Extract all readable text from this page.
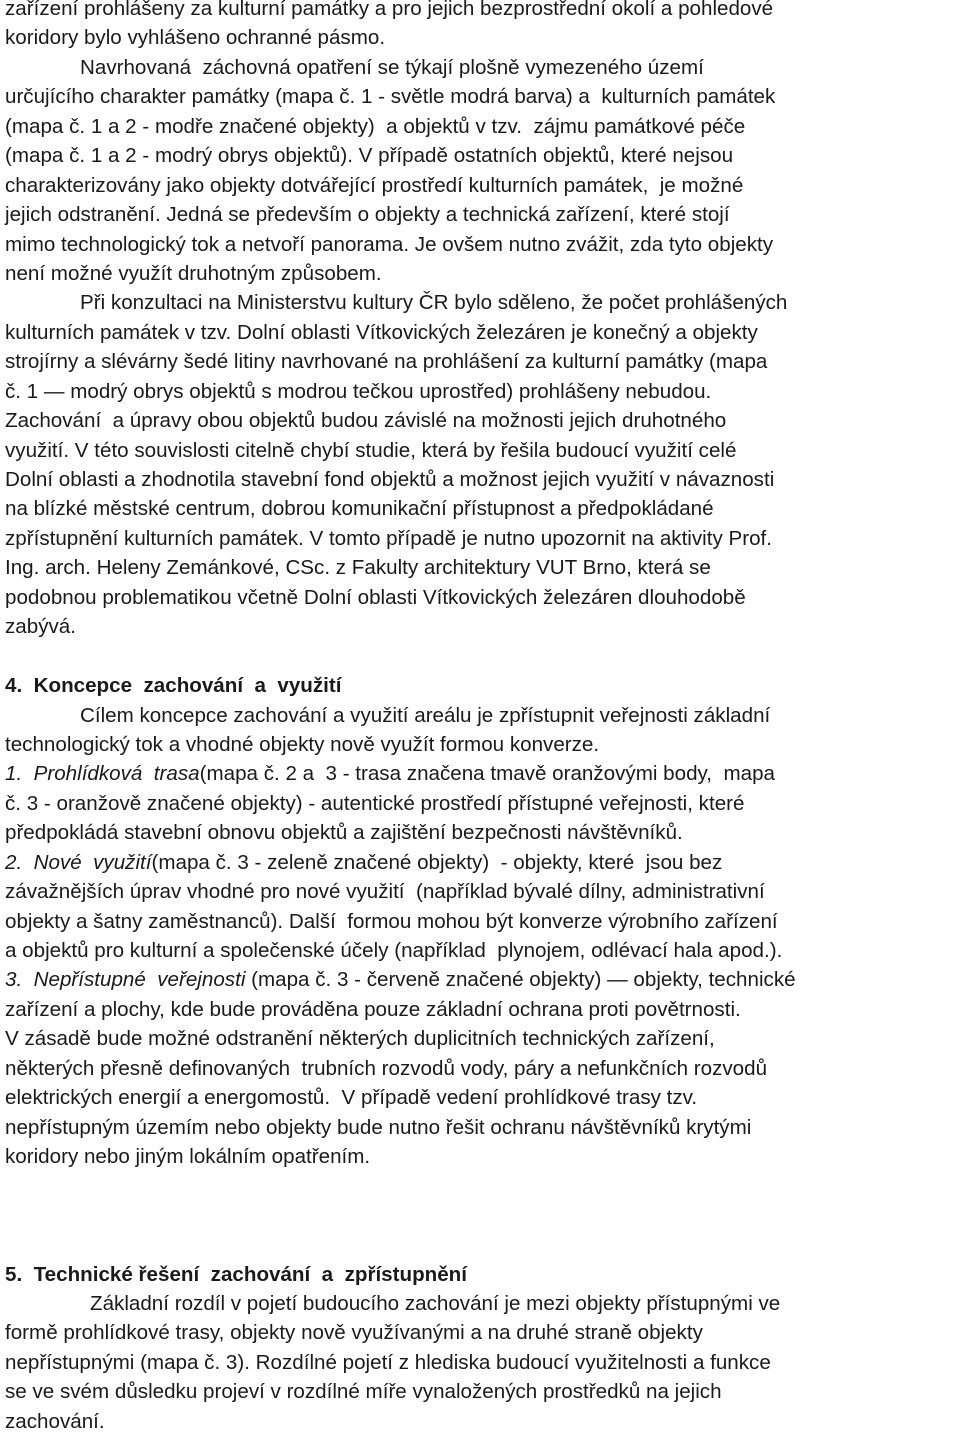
zařízení prohlášeny za kulturní památky a pro jejich bezprostřední okolí a pohledové
koridory bylo vyhlášeno ochranné pásmo.
Navrhovaná  záchovná opatření se týkají plošně vymezeného území
určujícího charakter památky (mapa č. 1 - světle modrá barva) a  kulturních památek
(mapa č. 1 a 2 - modře značené objekty)  a objektů v tzv.  zájmu památkové péče
(mapa č. 1 a 2 - modrý obrys objektů). V případě ostatních objektů, které nejsou
charakterizovány jako objekty dotvářející prostředí kulturních památek,  je možné
jejich odstranění. Jedná se především o objekty a technická zařízení, které stojí
mimo technologický tok a netvoří panorama. Je ovšem nutno zvážit, zda tyto objekty
není možné využít druhotným způsobem.
Při konzultaci na Ministerstvu kultury ČR bylo sděleno, že počet prohlášených
kulturních památek v tzv. Dolní oblasti Vítkovických železáren je konečný a objekty
strojírny a slévárny šedé litiny navrhované na prohlášení za kulturní památky (mapa
č. 1 — modrý obrys objektů s modrou tečkou uprostřed) prohlášeny nebudou.
Zachování  a úpravy obou objektů budou závislé na možnosti jejich druhotného
využití. V této souvislosti citelně chybí studie, která by řešila budoucí využití celé
Dolní oblasti a zhodnotila stavební fond objektů a možnost jejich využití v návaznosti
na blízké městské centrum, dobrou komunikační přístupnost a předpokládané
zpřístupnění kulturních památek. V tomto případě je nutno upozornit na aktivity Prof.
Ing. arch. Heleny Zemánkové, CSc. z Fakulty architektury VUT Brno, která se
podobnou problematikou včetně Dolní oblasti Vítkovických železáren dlouhodobě
zabývá.
4.  Koncepce  zachování  a  využití
Cílem koncepce zachování a využití areálu je zpřístupnit veřejnosti základní
technologický tok a vhodné objekty nově využít formou konverze.
1.  Prohlídková  trasa(mapa č. 2 a  3 - trasa značena tmavě oranžovými body,  mapa
č. 3 - oranžově značené objekty) - autentické prostředí přístupné veřejnosti, které
předpokládá stavební obnovu objektů a zajištění bezpečnosti návštěvníků.
2.  Nové  využití(mapa č. 3 - zeleně značené objekty)  - objekty, které  jsou bez
závažnějších úprav vhodné pro nové využití  (například bývalé dílny, administrativní
objekty a šatny zaměstnanců). Další  formou mohou být konverze výrobního zařízení
a objektů pro kulturní a společenské účely (například  plynojem, odlévací hala apod.).
3.  Nepřístupné  veřejnosti (mapa č. 3 - červeně značené objekty) — objekty, technické
zařízení a plochy, kde bude prováděna pouze základní ochrana proti povětrnosti.
V zásadě bude možné odstranění některých duplicitních technických zařízení,
některých přesně definovaných  trubních rozvodů vody, páry a nefunkčních rozvodů
elektrických energií a energomostů.  V případě vedení prohlídkové trasy tzv.
nepřístupným územím nebo objekty bude nutno řešit ochranu návštěvníků krytými
koridory nebo jiným lokálním opatřením.
5.  Technické řešení  zachování  a  zpřístupnění
Základní rozdíl v pojetí budoucího zachování je mezi objekty přístupnými ve
formě prohlídkové trasy, objekty nově využívanými a na druhé straně objekty
nepřístupnými (mapa č. 3). Rozdílné pojetí z hlediska budoucí využitelnosti a funkce
se ve svém důsledku projeví v rozdílné míře vynaložených prostředků na jejich
zachování.
